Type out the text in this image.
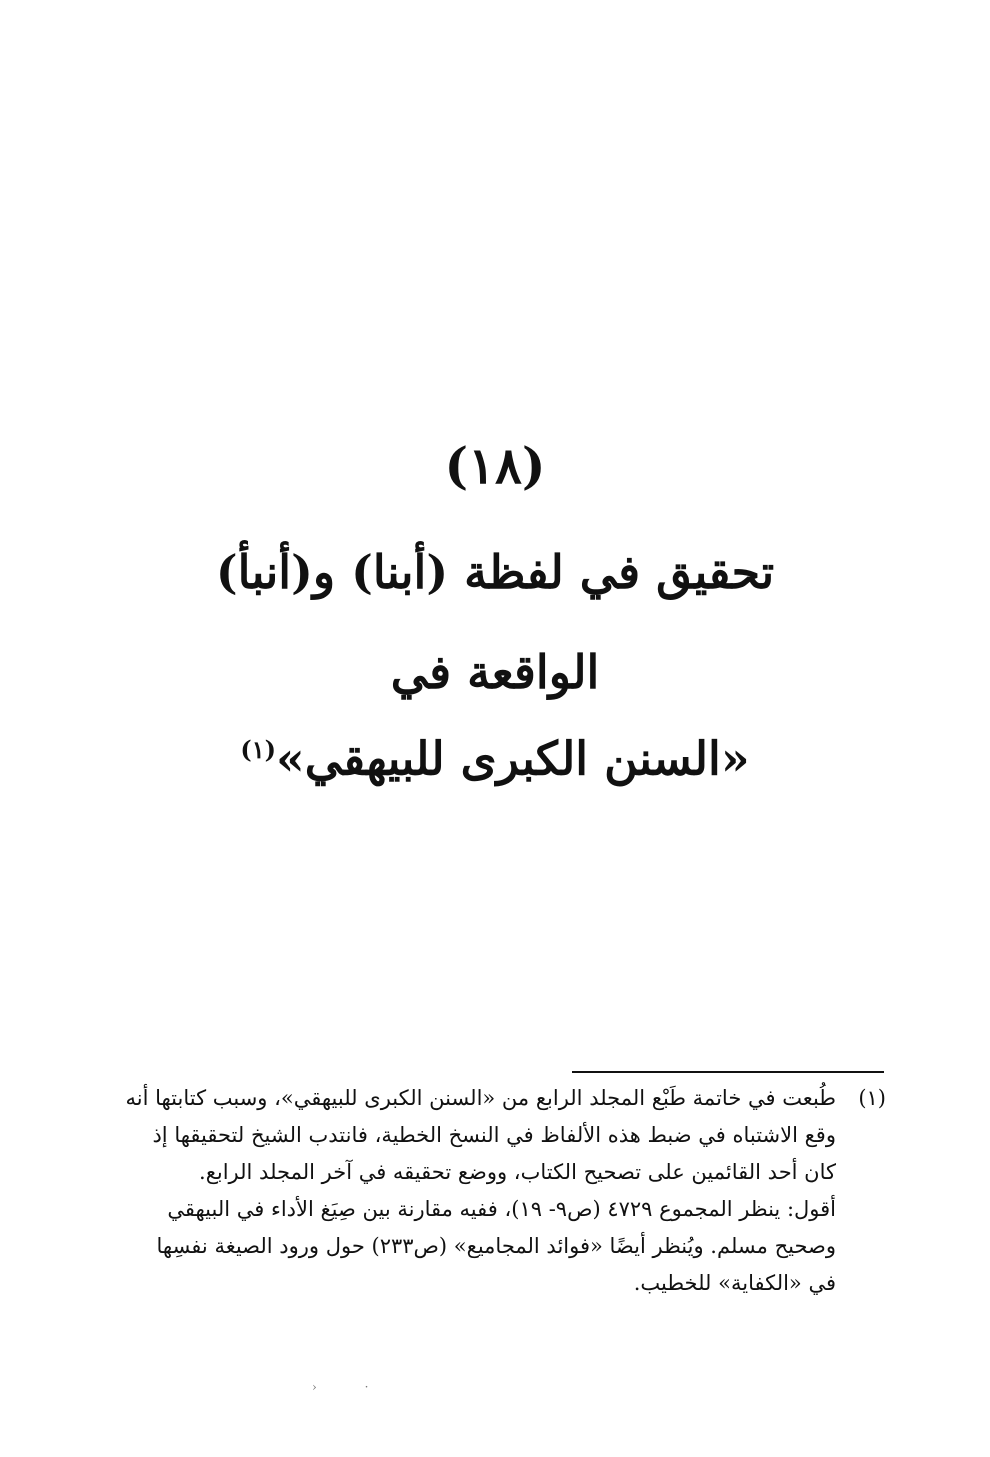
(١٨)
تحقيق في لفظة (أبنا) و(أنبأ)
الواقعة في
«السنن الكبرى للبيهقي»$^{(١)}$
(١)
طُبعت في خاتمة طَبْع المجلد الرابع من «السنن الكبرى للبيهقي»، وسبب كتابتها أنه
وقع الاشتباه في ضبط هذه الألفاظ في النسخ الخطية، فانتدب الشيخ لتحقيقها إذ
كان أحد القائمين على تصحيح الكتاب، ووضع تحقيقه في آخر المجلد الرابع.
أقول: ينظر المجموع ٤٧٢٩ (ص٩- ١٩)، ففيه مقارنة بين صِيَغ الأداء في البيهقي
وصحيح مسلم. ويُنظر أيضًا «فوائد المجاميع» (ص٢٣٣) حول ورود الصيغة نفسِها
في «الكفاية» للخطيب.
· ‹
